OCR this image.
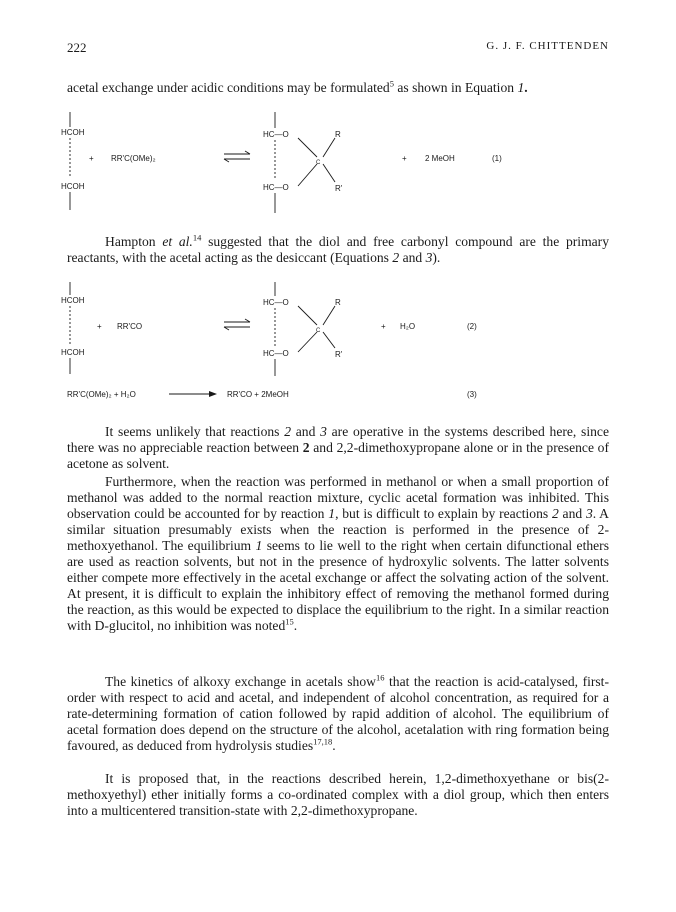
222	G. J. F. CHITTENDEN

acetal exchange under acidic conditions may be formulated$^5$ as shown in Equation 1.

HCOH
HCOH
+ RR'C(OMe)₂
HC—O
HC—O
C
R
R'
+ 2 MeOH	(1)

Hampton et al.$^{14}$ suggested that the diol and free carbonyl compound are the primary reactants, with the acetal acting as the desiccant (Equations 2 and 3).

HCOH
HCOH
+ RR'CO
HC—O
HC—O
C
R
R'
+ H₂O	(2)
RR'C(OMe)₂ + H₂O	RR'CO + 2MeOH	(3)

It seems unlikely that reactions 2 and 3 are operative in the systems described here, since there was no appreciable reaction between 2 and 2,2-dimethoxypropane alone or in the presence of acetone as solvent.

Furthermore, when the reaction was performed in methanol or when a small proportion of methanol was added to the normal reaction mixture, cyclic acetal formation was inhibited. This observation could be accounted for by reaction 1, but is difficult to explain by reactions 2 and 3. A similar situation presumably exists when the reaction is performed in the presence of 2-methoxyethanol. The equilibrium 1 seems to lie well to the right when certain difunctional ethers are used as reaction solvents, but not in the presence of hydroxylic solvents. The latter solvents either compete more effectively in the acetal exchange or affect the solvating action of the solvent. At present, it is difficult to explain the inhibitory effect of removing the methanol formed during the reaction, as this would be expected to displace the equilibrium to the right. In a similar reaction with D-glucitol, no inhibition was noted$^{15}$.

The kinetics of alkoxy exchange in acetals show$^{16}$ that the reaction is acid-catalysed, first-order with respect to acid and acetal, and independent of alcohol concentration, as required for a rate-determining formation of cation followed by rapid addition of alcohol. The equilibrium of acetal formation does depend on the structure of the alcohol, acetalation with ring formation being favoured, as deduced from hydrolysis studies$^{17,18}$.

It is proposed that, in the reactions described herein, 1,2-dimethoxyethane or bis(2-methoxyethyl) ether initially forms a co-ordinated complex with a diol group, which then enters into a multicentered transition-state with 2,2-dimethoxypropane.
